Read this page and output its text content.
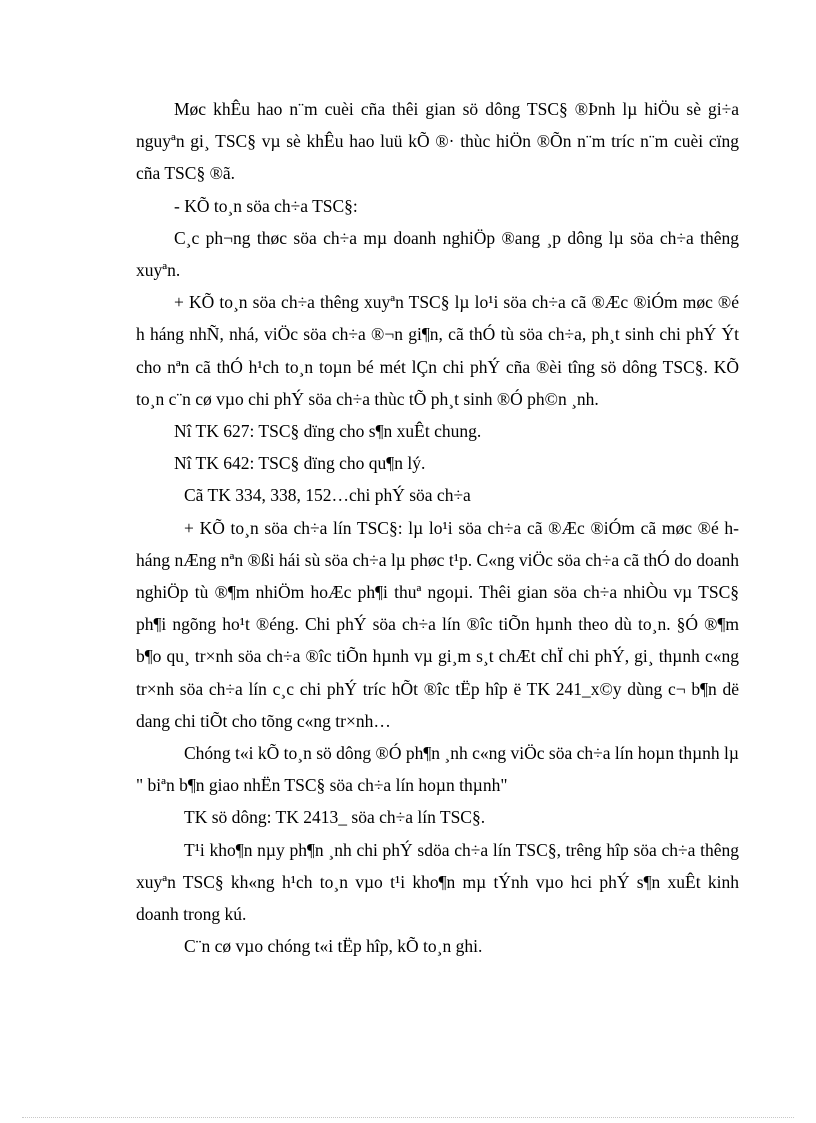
Møc khÊu hao n¨m cuèi cña thêi gian sö dông TSC§ ®Þnh lµ hiÖu sè gi÷a nguyªn gi¸ TSC§ vµ sè khÊu hao luü kÕ ®· thùc hiÖn ®Õn n¨m tríc n¨m cuèi cïng cña TSC§ ®ã.

- KÕ to¸n söa ch÷a TSC§:

C¸c ph¬ng thøc söa ch÷a mµ doanh nghiÖp ®ang ¸p dông lµ söa ch÷a thêng xuyªn.

+ KÕ to¸n söa ch÷a thêng xuyªn TSC§ lµ lo¹i söa ch÷a cã ®Æc ®iÓm møc ®é h háng nhÑ, nhá, viÖc söa ch÷a ®¬n gi¶n, cã thÓ tù söa ch÷a, ph¸t sinh chi phÝ Ýt cho nªn cã thÓ h¹ch to¸n toµn bé mét lÇn chi phÝ cña ®èi tîng sö dông TSC§. KÕ to¸n c¨n cø vµo chi phÝ söa ch÷a thùc tÕ ph¸t sinh ®Ó ph©n ¸nh.

Nî TK 627: TSC§ dïng cho s¶n xuÊt chung.

Nî TK 642: TSC§ dïng cho qu¶n lý.

Cã TK 334, 338, 152…chi phÝ söa ch÷a

+ KÕ to¸n söa ch÷a lín TSC§: lµ lo¹i söa ch÷a cã ®Æc ®iÓm cã møc ®é h háng nÆng nªn ®ßi hái sù söa ch÷a lµ phøc t¹p. C«ng viÖc söa ch÷a cã thÓ do doanh nghiÖp tù ®¶m nhiÖm hoÆc ph¶i thuª ngoµi. Thêi gian söa ch÷a nhiÒu vµ TSC§ ph¶i ngõng ho¹t ®éng. Chi phÝ söa ch÷a lín ®îc tiÕn hµnh theo dù to¸n. §Ó ®¶m b¶o qu¸ tr×nh söa ch÷a ®îc tiÕn hµnh vµ gi¸m s¸t chÆt chÏ chi phÝ, gi¸ thµnh c«ng tr×nh söa ch÷a lín c¸c chi phÝ tríc hÕt ®îc tËp hîp ë TK 241_x©y dùng c¬ b¶n dë dang chi tiÕt cho tõng c«ng tr×nh…

Chóng t«i kÕ to¸n sö dông ®Ó ph¶n ¸nh c«ng viÖc söa ch÷a lín hoµn thµnh lµ " biªn b¶n giao nhËn TSC§ söa ch÷a lín hoµn thµnh"

TK sö dông: TK 2413_ söa ch÷a lín TSC§.

T¹i kho¶n nµy ph¶n ¸nh chi phÝ sdöa ch÷a lín TSC§, trêng hîp söa ch÷a thêng xuyªn TSC§ kh«ng h¹ch to¸n vµo t¹i kho¶n mµ tÝnh vµo hci phÝ s¶n xuÊt kinh doanh trong kú.

C¨n cø vµo chóng t«i tËp hîp, kÕ to¸n ghi.
